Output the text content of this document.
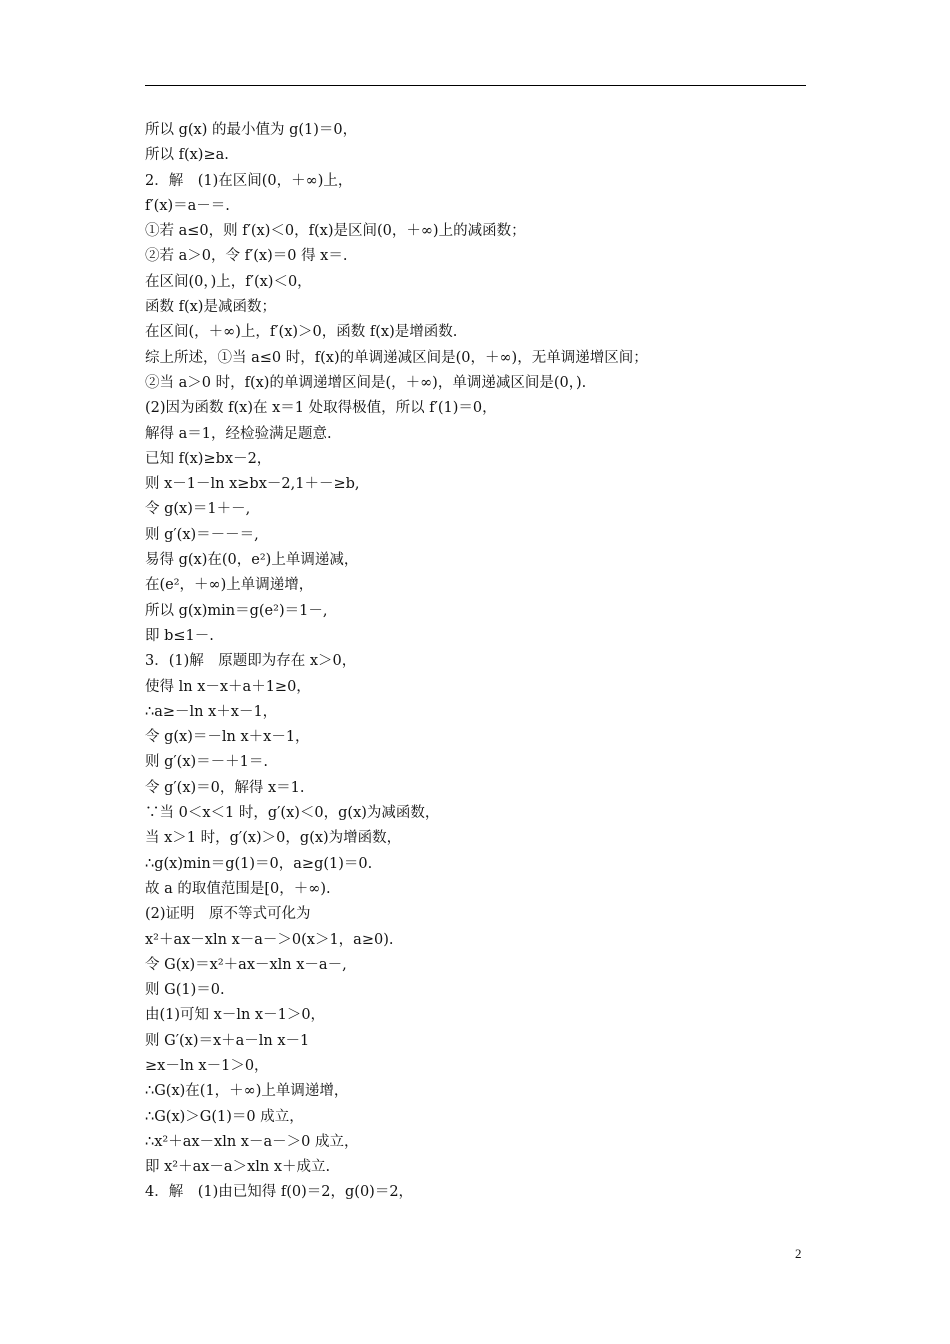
所以 g(x) 的最小值为 g(1)＝0，
所以 f(x)≥a.
2．解　(1)在区间(0，＋∞)上，
f′(x)＝a－＝.
①若 a≤0，则 f′(x)＜0，f(x)是区间(0，＋∞)上的减函数；
②若 a＞0，令 f′(x)＝0 得 x＝.
在区间(0，)上，f′(x)＜0，
函数 f(x)是减函数；
在区间(，＋∞)上，f′(x)＞0，函数 f(x)是增函数.
综上所述，①当 a≤0 时，f(x)的单调递减区间是(0，＋∞)，无单调递增区间；
②当 a＞0 时，f(x)的单调递增区间是(，＋∞)，单调递减区间是(0，).
(2)因为函数 f(x)在 x＝1 处取得极值，所以 f′(1)＝0，
解得 a＝1，经检验满足题意.
已知 f(x)≥bx－2，
则 x－1－ln x≥bx－2,1＋－≥b,
令 g(x)＝1＋－,
则 g′(x)＝－－＝,
易得 g(x)在(0，e²)上单调递减，
在(e²，＋∞)上单调递增，
所以 g(x)min＝g(e²)＝1－,
即 b≤1－.
3．(1)解　原题即为存在 x＞0，
使得 ln x－x＋a＋1≥0，
∴a≥－ln x＋x－1，
令 g(x)＝－ln x＋x－1，
则 g′(x)＝－＋1＝.
令 g′(x)＝0，解得 x＝1.
∵当 0＜x＜1 时，g′(x)＜0，g(x)为减函数，
当 x＞1 时，g′(x)＞0，g(x)为增函数，
∴g(x)min＝g(1)＝0，a≥g(1)＝0.
故 a 的取值范围是[0，＋∞).
(2)证明　原不等式可化为
x²＋ax－xln x－a－＞0(x＞1，a≥0).
令 G(x)＝x²＋ax－xln x－a－,
则 G(1)＝0.
由(1)可知 x－ln x－1＞0，
则 G′(x)＝x＋a－ln x－1
≥x－ln x－1＞0，
∴G(x)在(1，＋∞)上单调递增，
∴G(x)＞G(1)＝0 成立，
∴x²＋ax－xln x－a－＞0 成立，
即 x²＋ax－a＞xln x＋成立.
4．解　(1)由已知得 f(0)＝2，g(0)＝2，
2
